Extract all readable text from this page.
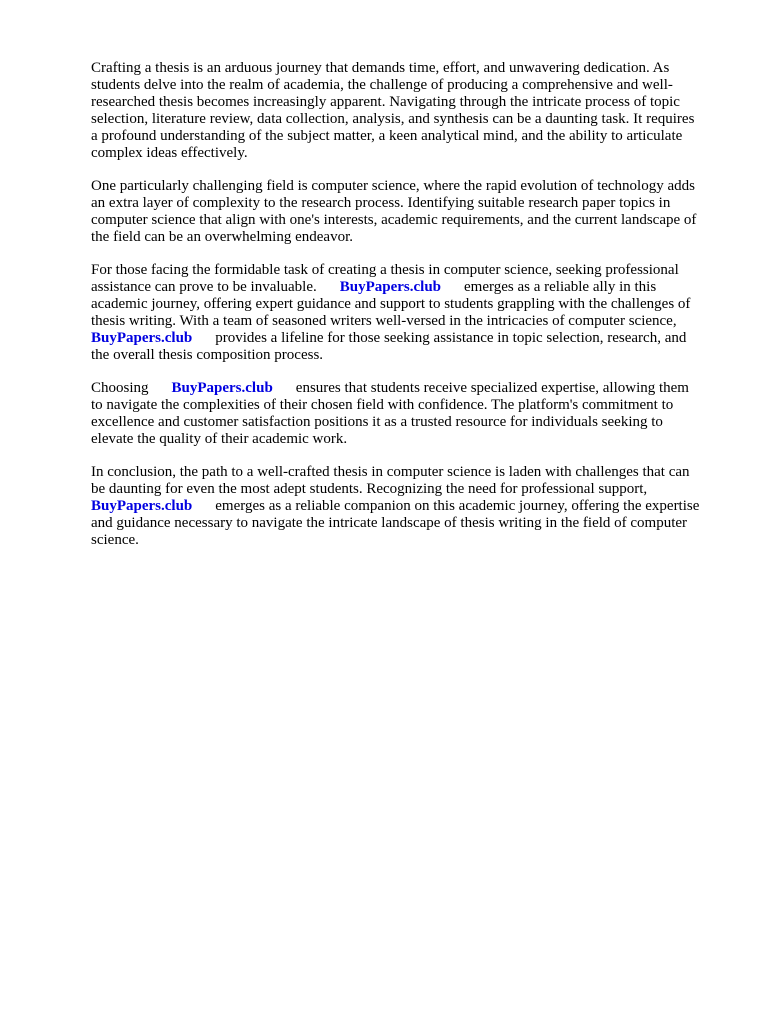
Crafting a thesis is an arduous journey that demands time, effort, and unwavering dedication. As
students delve into the realm of academia, the challenge of producing a comprehensive and well-
researched thesis becomes increasingly apparent. Navigating through the intricate process of topic
selection, literature review, data collection, analysis, and synthesis can be a daunting task. It requires
a profound understanding of the subject matter, a keen analytical mind, and the ability to articulate
complex ideas effectively.
One particularly challenging field is computer science, where the rapid evolution of technology adds
an extra layer of complexity to the research process. Identifying suitable research paper topics in
computer science that align with one's interests, academic requirements, and the current landscape of
the field can be an overwhelming endeavor.
For those facing the formidable task of creating a thesis in computer science, seeking professional
assistance can prove to be invaluable. BuyPapers.club emerges as a reliable ally in this
academic journey, offering expert guidance and support to students grappling with the challenges of
thesis writing. With a team of seasoned writers well-versed in the intricacies of computer science,
BuyPapers.club provides a lifeline for those seeking assistance in topic selection, research, and
the overall thesis composition process.
Choosing BuyPapers.club ensures that students receive specialized expertise, allowing them
to navigate the complexities of their chosen field with confidence. The platform's commitment to
excellence and customer satisfaction positions it as a trusted resource for individuals seeking to
elevate the quality of their academic work.
In conclusion, the path to a well-crafted thesis in computer science is laden with challenges that can
be daunting for even the most adept students. Recognizing the need for professional support,
BuyPapers.club emerges as a reliable companion on this academic journey, offering the expertise
and guidance necessary to navigate the intricate landscape of thesis writing in the field of computer
science.
